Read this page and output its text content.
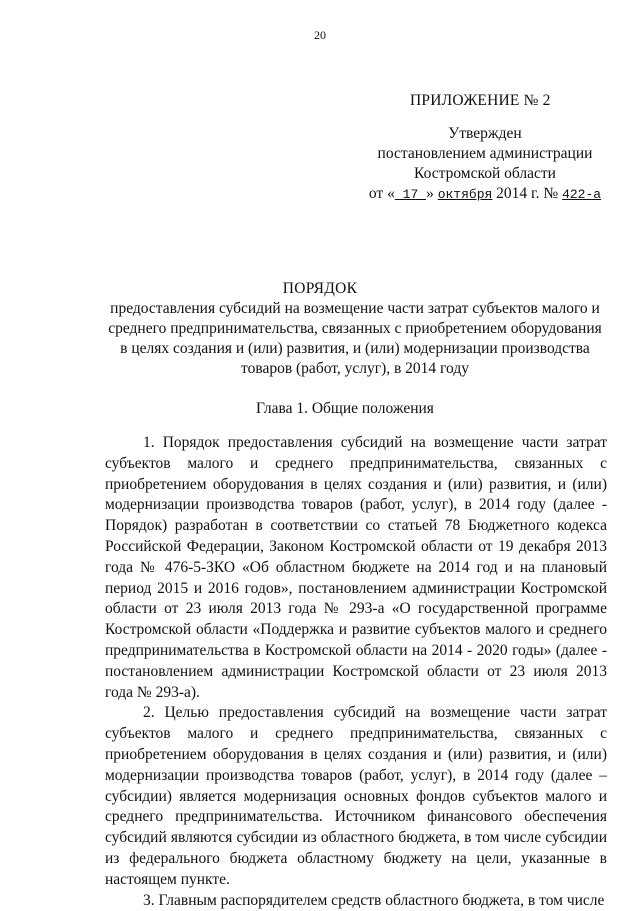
20
ПРИЛОЖЕНИЕ № 2
Утвержден
постановлением администрации
Костромской области
от «_17_» октября 2014 г. № 422-а
ПОРЯДОК
предоставления субсидий на возмещение части затрат субъектов малого и среднего предпринимательства, связанных с приобретением оборудования в целях создания и (или) развития, и (или) модернизации производства товаров (работ, услуг), в 2014 году
Глава 1. Общие положения

1. Порядок предоставления субсидий на возмещение части затрат субъектов малого и среднего предпринимательства, связанных с приобретением оборудования в целях создания и (или) развития, и (или) модернизации производства товаров (работ, услуг), в 2014 году (далее - Порядок) разработан в соответствии со статьей 78 Бюджетного кодекса Российской Федерации, Законом Костромской области от 19 декабря 2013 года № 476-5-ЗКО «Об областном бюджете на 2014 год и на плановый период 2015 и 2016 годов», постановлением администрации Костромской области от 23 июля 2013 года № 293-а «О государственной программе Костромской области «Поддержка и развитие субъектов малого и среднего предпринимательства в Костромской области на 2014 - 2020 годы» (далее - постановлением администрации Костромской области от 23 июля 2013 года № 293-а).

2. Целью предоставления субсидий на возмещение части затрат субъектов малого и среднего предпринимательства, связанных с приобретением оборудования в целях создания и (или) развития, и (или) модернизации производства товаров (работ, услуг), в 2014 году (далее – субсидии) является модернизация основных фондов субъектов малого и среднего предпринимательства. Источником финансового обеспечения субсидий являются субсидии из областного бюджета, в том числе субсидии из федерального бюджета областному бюджету на цели, указанные в настоящем пункте.

3. Главным распорядителем средств областного бюджета, в том числе
